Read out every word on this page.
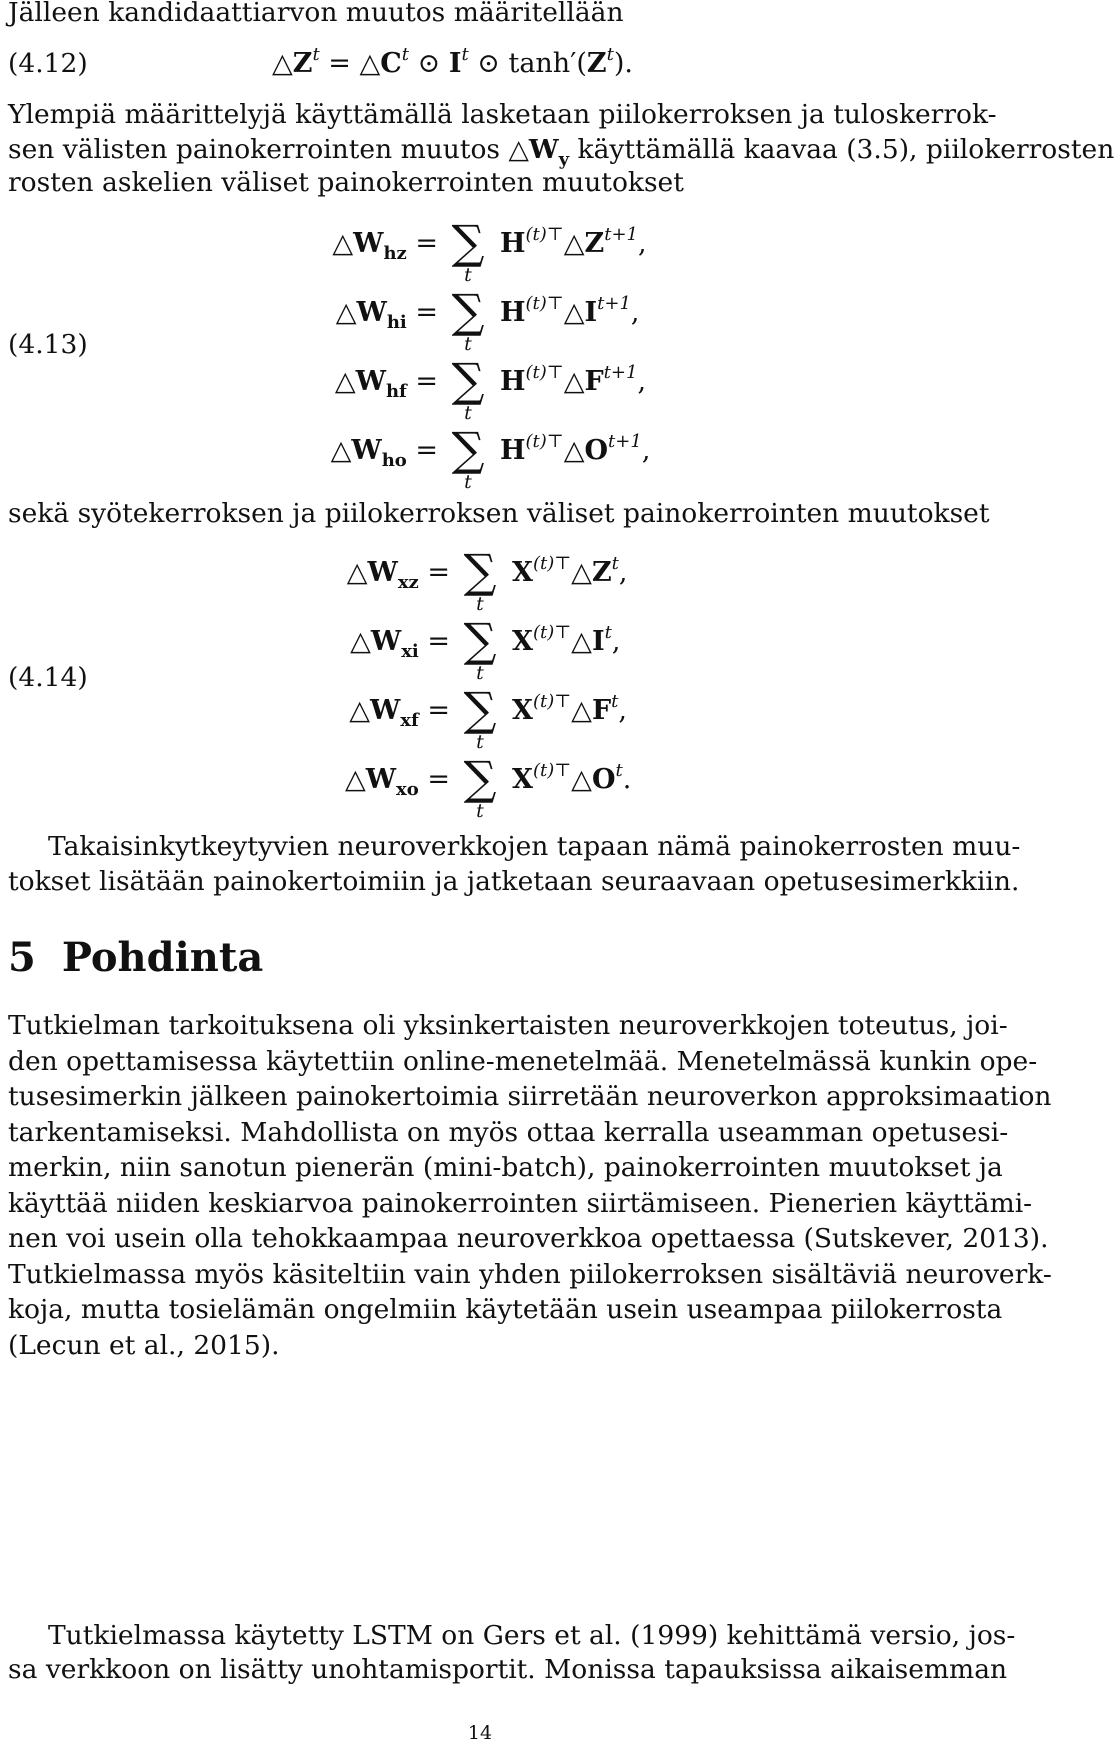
Jälleen kandidaattiarvon muutos määritellään
(4.12)	$\triangle Z^t$ = $\triangle C^t$ ⊙ $I^t$ ⊙ $\tanh'(Z^t)$.
Ylempiä määrittelyjä käyttämällä lasketaan piilokerroksen ja tuloskerrok-
sen välisten painokerrointen muutos $\triangle W_y$ käyttämällä kaavaa (3.5), piilokerrosten
rosten askelien väliset painokerrointen muutokset
(4.13)
$\triangle W_{hz}$ = ∑
t
$H^{(t)⊤}\triangle Z^{t+1}$,
$\triangle W_{hi}$ = ∑
t
$H^{(t)⊤}\triangle I^{t+1}$,
$\triangle W_{hf}$ = ∑
t
$H^{(t)⊤}\triangle F^{t+1}$,
$\triangle W_{ho}$ = ∑
t
$H^{(t)⊤}\triangle O^{t+1}$,
sekä syötekerroksen ja piilokerroksen väliset painokerrointen muutokset
(4.14)
$\triangle W_{xz}$ = ∑
t
$X^{(t)⊤}\triangle Z^t$,
$\triangle W_{xi}$ = ∑
t
$X^{(t)⊤}\triangle I^t$,
$\triangle W_{xf}$ = ∑
t
$X^{(t)⊤}\triangle F^t$,
$\triangle W_{xo}$ = ∑
t
$X^{(t)⊤}\triangle O^t$.
Takaisinkytkeytyvien neuroverkkojen tapaan nämä painokerrosten muu-
tokset lisätään painokertoimiin ja jatketaan seuraavaan opetusesimerkkiin.
5 Pohdinta
Tutkielman tarkoituksena oli yksinkertaisten neuroverkkojen toteutus, joi-
den opettamisessa käytettiin online-menetelmää. Menetelmässä kunkin ope-
tusesimerkin jälkeen painokertoimia siirretään neuroverkon approksimaation
tarkentamiseksi. Mahdollista on myös ottaa kerralla useamman opetusesi-
merkin, niin sanotun pienerän (mini-batch), painokerrointen muutokset ja
käyttää niiden keskiarvoa painokerrointen siirtämiseen. Pienerien käyttämi-
nen voi usein olla tehokkaampaa neuroverkkoa opettaessa (Sutskever, 2013).
Tutkielmassa myös käsiteltiin vain yhden piilokerroksen sisältäviä neuroverk-
koja, mutta tosielämän ongelmiin käytetään usein useampaa piilokerrosta
(Lecun et al., 2015).
Tutkielmassa käytetty LSTM on Gers et al. (1999) kehittämä versio, jos-
sa verkkoon on lisätty unohtamisportit. Monissa tapauksissa aikaisemman
14
